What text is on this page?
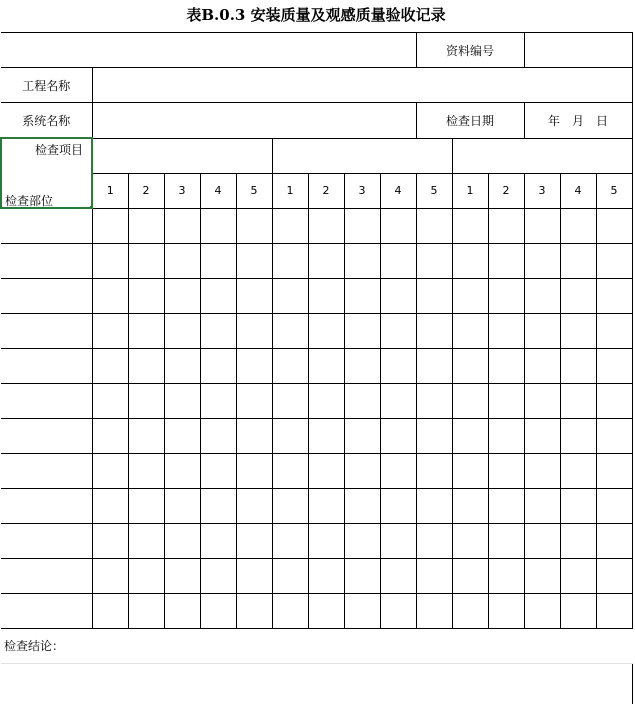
表B.0.3 安装质量及观感质量验收记录
										资料编号					
工程名称															
系统名称										检查日期			年　月　日		

检查项目
检查部位															

	1	2	3	4	5	1	2	3	4	5	1	2	3	4	5

检查结论：															
